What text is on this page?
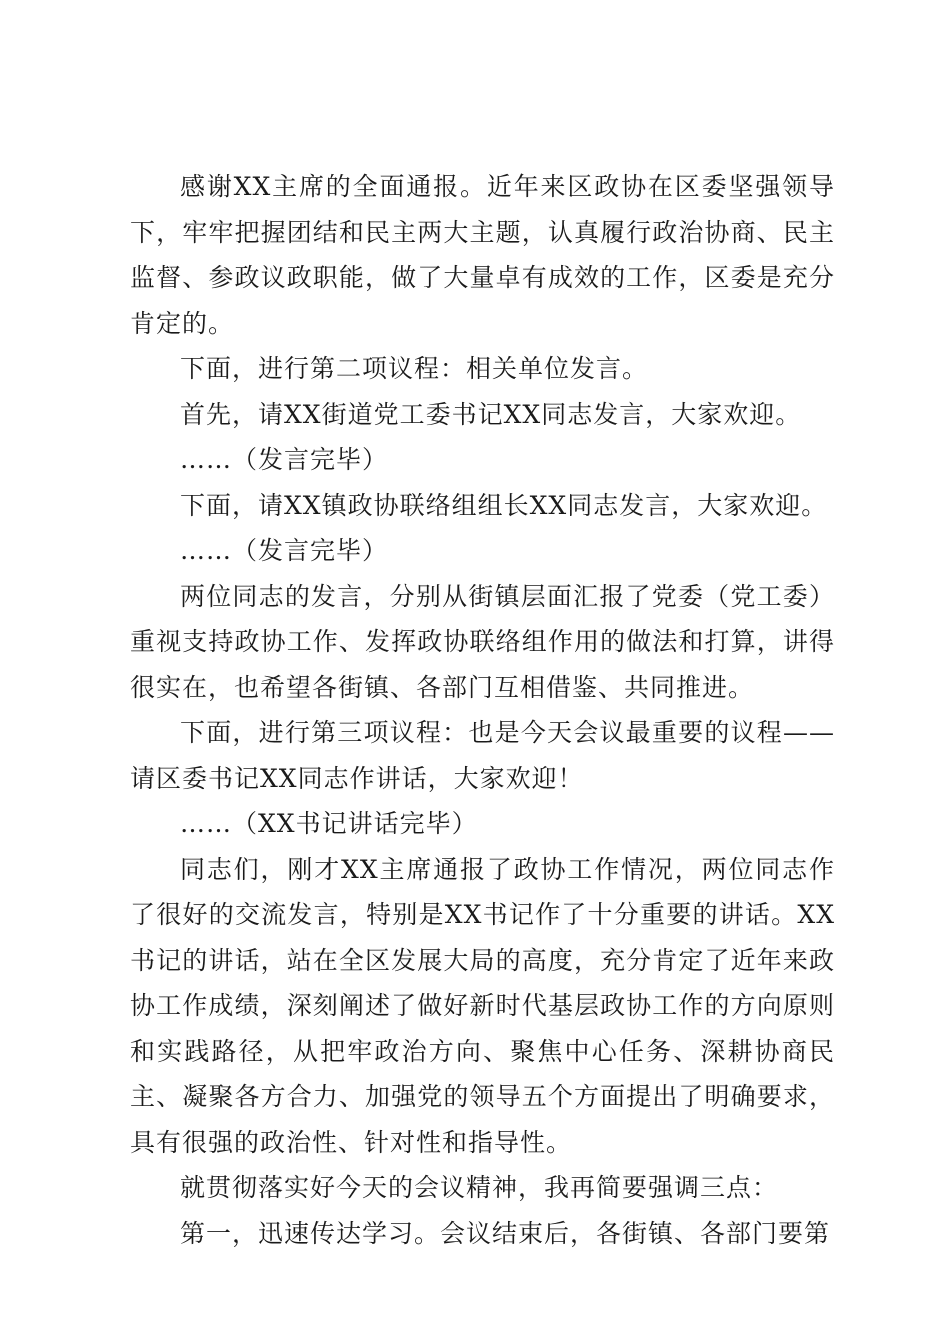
感谢XX主席的全面通报。近年来区政协在区委坚强领导下，牢牢把握团结和民主两大主题，认真履行政治协商、民主监督、参政议政职能，做了大量卓有成效的工作，区委是充分肯定的。

下面，进行第二项议程：相关单位发言。

首先，请XX街道党工委书记XX同志发言，大家欢迎。

……（发言完毕）

下面，请XX镇政协联络组组长XX同志发言，大家欢迎。

……（发言完毕）

两位同志的发言，分别从街镇层面汇报了党委（党工委）重视支持政协工作、发挥政协联络组作用的做法和打算，讲得很实在，也希望各街镇、各部门互相借鉴、共同推进。

下面，进行第三项议程：也是今天会议最重要的议程——请区委书记XX同志作讲话，大家欢迎！

……（XX书记讲话完毕）

同志们，刚才XX主席通报了政协工作情况，两位同志作了很好的交流发言，特别是XX书记作了十分重要的讲话。XX书记的讲话，站在全区发展大局的高度，充分肯定了近年来政协工作成绩，深刻阐述了做好新时代基层政协工作的方向原则和实践路径，从把牢政治方向、聚焦中心任务、深耕协商民主、凝聚各方合力、加强党的领导五个方面提出了明确要求，具有很强的政治性、针对性和指导性。

就贯彻落实好今天的会议精神，我再简要强调三点：

第一，迅速传达学习。会议结束后，各街镇、各部门要第
